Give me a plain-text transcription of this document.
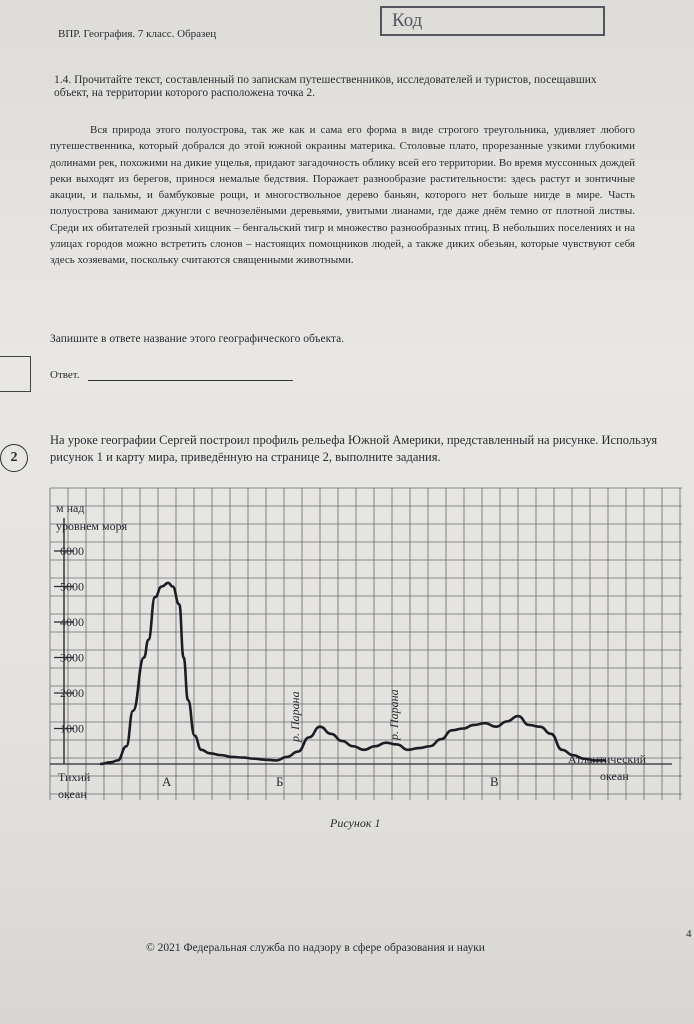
ВПР. География. 7 класс. Образец
Код
1.4. Прочитайте текст, составленный по запискам путешественников, исследователей и туристов, посещавших объект, на территории которого расположена точка 2.
Вся природа этого полуострова, так же как и сама его форма в виде строгого треугольника, удивляет любого путешественника, который добрался до этой южной окраины материка. Столовые плато, прорезанные узкими глубокими долинами рек, похожими на дикие ущелья, придают загадочность облику всей его территории. Во время муссонных дождей реки выходят из берегов, принося немалые бедствия. Поражает разнообразие растительности: здесь растут и зонтичные акации, и пальмы, и бамбуковые рощи, и многоствольное дерево баньян, которого нет больше нигде в мире. Часть полуострова занимают джунгли с вечнозелёными деревьями, увитыми лианами, где даже днём темно от плотной листвы. Среди их обитателей грозный хищник – бенгальский тигр и множество разнообразных птиц. В небольших поселениях и на улицах городов можно встретить слонов – настоящих помощников людей, а также диких обезьян, которые чувствуют себя здесь хозяевами, поскольку считаются священными животными.
Запишите в ответе название этого географического объекта.
Ответ.
2
На уроке географии Сергей построил профиль рельефа Южной Америки, представленный на рисунке. Используя рисунок 1 и карту мира, приведённую на странице 2, выполните задания.
м над
уровнем моря
6000
5000
4000
3000
2000
1000
А	Б	В
Тихий
океан
Атлантический
океан
р. Парана	р. Парана
Рисунок 1
© 2021 Федеральная служба по надзору в сфере образования и науки
4
